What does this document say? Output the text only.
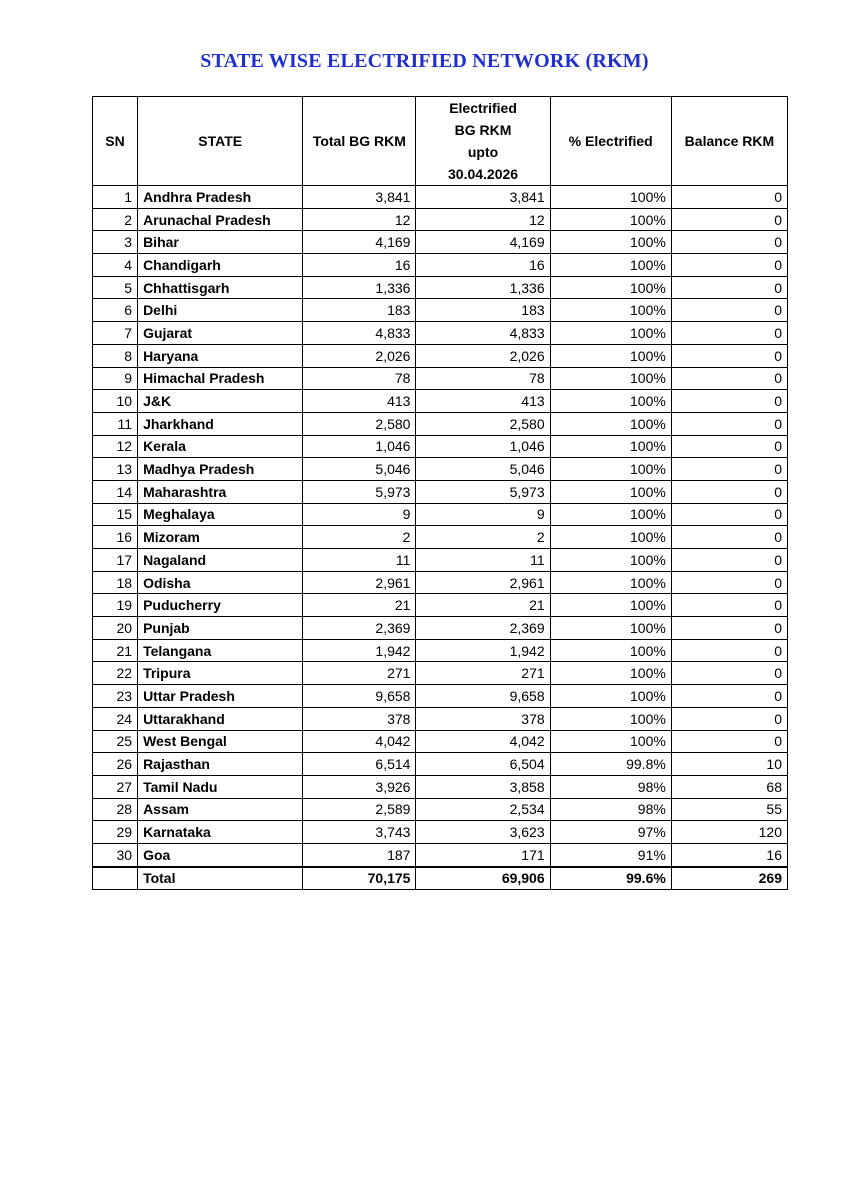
STATE WISE ELECTRIFIED NETWORK (RKM)
SN	STATE	Total BG RKM	Electrified BG RKM upto 30.04.2026	% Electrified	Balance RKM
1	Andhra Pradesh	3,841	3,841	100%	0
2	Arunachal Pradesh	12	12	100%	0
3	Bihar	4,169	4,169	100%	0
4	Chandigarh	16	16	100%	0
5	Chhattisgarh	1,336	1,336	100%	0
6	Delhi	183	183	100%	0
7	Gujarat	4,833	4,833	100%	0
8	Haryana	2,026	2,026	100%	0
9	Himachal Pradesh	78	78	100%	0
10	J&K	413	413	100%	0
11	Jharkhand	2,580	2,580	100%	0
12	Kerala	1,046	1,046	100%	0
13	Madhya Pradesh	5,046	5,046	100%	0
14	Maharashtra	5,973	5,973	100%	0
15	Meghalaya	9	9	100%	0
16	Mizoram	2	2	100%	0
17	Nagaland	11	11	100%	0
18	Odisha	2,961	2,961	100%	0
19	Puducherry	21	21	100%	0
20	Punjab	2,369	2,369	100%	0
21	Telangana	1,942	1,942	100%	0
22	Tripura	271	271	100%	0
23	Uttar Pradesh	9,658	9,658	100%	0
24	Uttarakhand	378	378	100%	0
25	West Bengal	4,042	4,042	100%	0
26	Rajasthan	6,514	6,504	99.8%	10
27	Tamil Nadu	3,926	3,858	98%	68
28	Assam	2,589	2,534	98%	55
29	Karnataka	3,743	3,623	97%	120
30	Goa	187	171	91%	16
	Total	70,175	69,906	99.6%	269
